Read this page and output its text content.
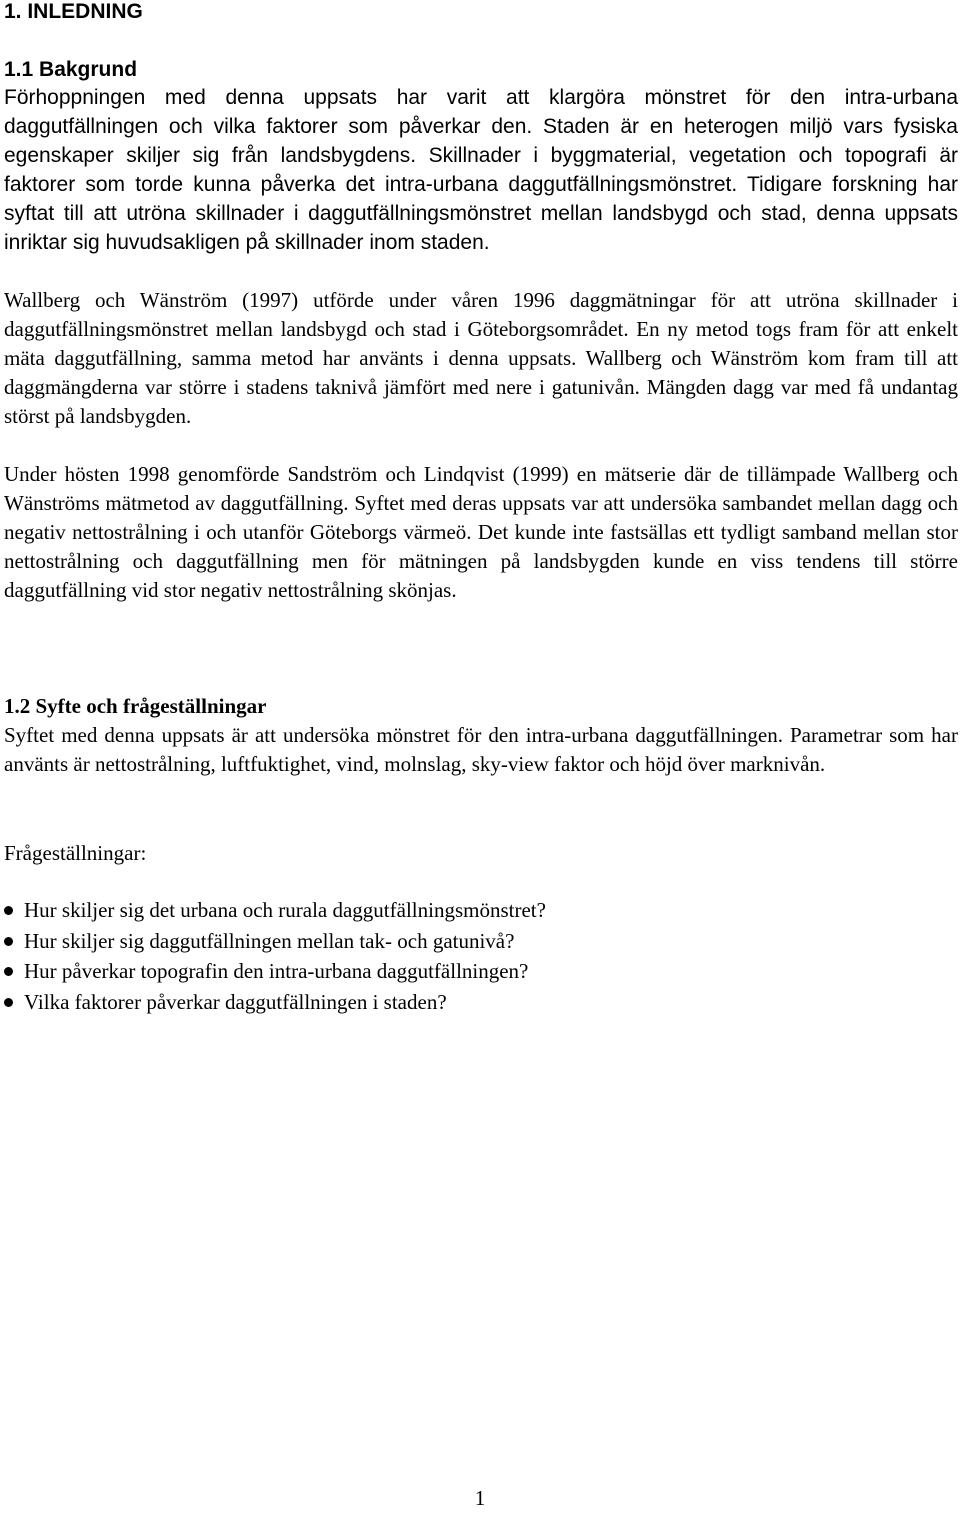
1. INLEDNING
1.1 Bakgrund

Förhoppningen med denna uppsats har varit att klargöra mönstret för den intra-urbana daggutfällningen och vilka faktorer som påverkar den. Staden är en heterogen miljö vars fysiska egenskaper skiljer sig från landsbygdens. Skillnader i byggmaterial, vegetation och topografi är faktorer som torde kunna påverka det intra-urbana daggutfällningsmönstret. Tidigare forskning har syftat till att utröna skillnader i daggutfällningsmönstret mellan landsbygd och stad, denna uppsats inriktar sig huvudsakligen på skillnader inom staden.

Wallberg och Wänström (1997) utförde under våren 1996 daggmätningar för att utröna skillnader i daggutfällningsmönstret mellan landsbygd och stad i Göteborgsområdet. En ny metod togs fram för att enkelt mäta daggutfällning, samma metod har använts i denna uppsats. Wallberg och Wänström kom fram till att daggmängderna var större i stadens taknivå jämfört med nere i gatunivån. Mängden dagg var med få undantag störst på landsbygden.

Under hösten 1998 genomförde Sandström och Lindqvist (1999) en mätserie där de tillämpade Wallberg och Wänströms mätmetod av daggutfällning. Syftet med deras uppsats var att undersöka sambandet mellan dagg och negativ nettostrålning i och utanför Göteborgs värmeö. Det kunde inte fastsällas ett tydligt samband mellan stor nettostrålning och daggutfällning men för mätningen på landsbygden kunde en viss tendens till större daggutfällning vid stor negativ nettostrålning skönjas.

1.2 Syfte och frågeställningar

Syftet med denna uppsats är att undersöka mönstret för den intra-urbana daggutfällningen. Parametrar som har använts är nettostrålning, luftfuktighet, vind, molnslag, sky-view faktor och höjd över marknivån.

Frågeställningar:

Hur skiljer sig det urbana och rurala daggutfällningsmönstret?
Hur skiljer sig daggutfällningen mellan tak- och gatunivå?
Hur påverkar topografin den intra-urbana daggutfällningen?
Vilka faktorer påverkar daggutfällningen i staden?
1
